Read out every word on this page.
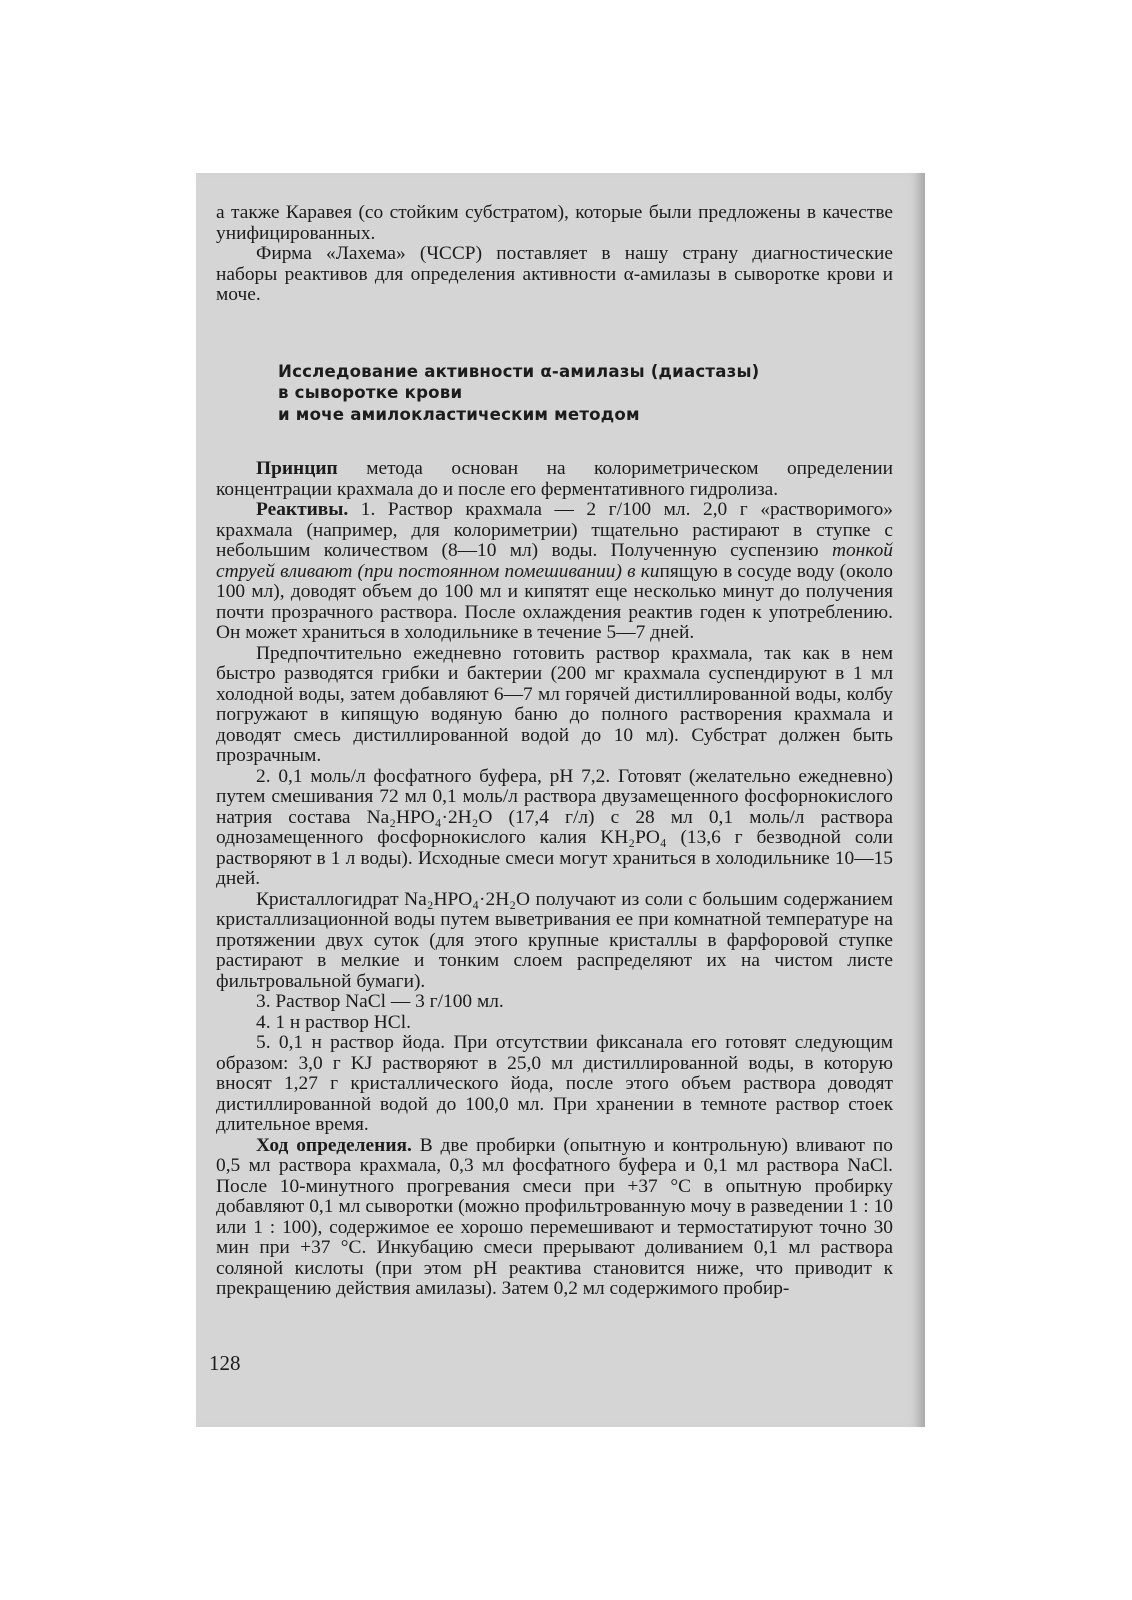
а также Каравея (со стойким субстратом), которые были предложены в качестве унифицированных.

Фирма «Лахема» (ЧССР) поставляет в нашу страну диагностические наборы реактивов для определения активности α-амилазы в сыворотке крови и моче.

Исследование активности α-амилазы (диастазы)
в сыворотке крови
и моче амилокластическим методом

Принцип метода основан на колориметрическом определении концентрации крахмала до и после его ферментативного гидролиза.

Реактивы. 1. Раствор крахмала — 2 г/100 мл. 2,0 г «растворимого» крахмала (например, для колориметрии) тщательно растирают в ступке с небольшим количеством (8—10 мл) воды. Полученную суспензию тонкой струей вливают (при постоянном помешивании) в кипящую в сосуде воду (около 100 мл), доводят объем до 100 мл и кипятят еще несколько минут до получения почти прозрачного раствора. После охлаждения реактив годен к употреблению. Он может храниться в холодильнике в течение 5—7 дней.

Предпочтительно ежедневно готовить раствор крахмала, так как в нем быстро разводятся грибки и бактерии (200 мг крахмала суспендируют в 1 мл холодной воды, затем добавляют 6—7 мл горячей дистиллированной воды, колбу погружают в кипящую водяную баню до полного растворения крахмала и доводят смесь дистиллированной водой до 10 мл). Субстрат должен быть прозрачным.

2. 0,1 моль/л фосфатного буфера, pH 7,2. Готовят (желательно ежедневно) путем смешивания 72 мл 0,1 моль/л раствора двузамещенного фосфорнокислого натрия состава Na₂HPO₄·2H₂O (17,4 г/л) с 28 мл 0,1 моль/л раствора однозамещенного фосфорнокислого калия KH₂PO₄ (13,6 г безводной соли растворяют в 1 л воды). Исходные смеси могут храниться в холодильнике 10—15 дней.

Кристаллогидрат Na₂HPO₄·2H₂O получают из соли с большим содержанием кристаллизационной воды путем выветривания ее при комнатной температуре на протяжении двух суток (для этого крупные кристаллы в фарфоровой ступке растирают в мелкие и тонким слоем распределяют их на чистом листе фильтровальной бумаги).

3. Раствор NaCl — 3 г/100 мл.

4. 1 н раствор HCl.

5. 0,1 н раствор йода. При отсутствии фиксанала его готовят следующим образом: 3,0 г KJ растворяют в 25,0 мл дистиллированной воды, в которую вносят 1,27 г кристаллического йода, после этого объем раствора доводят дистиллированной водой до 100,0 мл. При хранении в темноте раствор стоек длительное время.

Ход определения. В две пробирки (опытную и контрольную) вливают по 0,5 мл раствора крахмала, 0,3 мл фосфатного буфера и 0,1 мл раствора NaCl. После 10-минутного прогревания смеси при +37 °С в опытную пробирку добавляют 0,1 мл сыворотки (можно профильтрованную мочу в разведении 1 : 10 или 1 : 100), содержимое ее хорошо перемешивают и термостатируют точно 30 мин при +37 °С. Инкубацию смеси прерывают доливанием 0,1 мл раствора соляной кислоты (при этом pH реактива становится ниже, что приводит к прекращению действия амилазы). Затем 0,2 мл содержимого пробир-

128
